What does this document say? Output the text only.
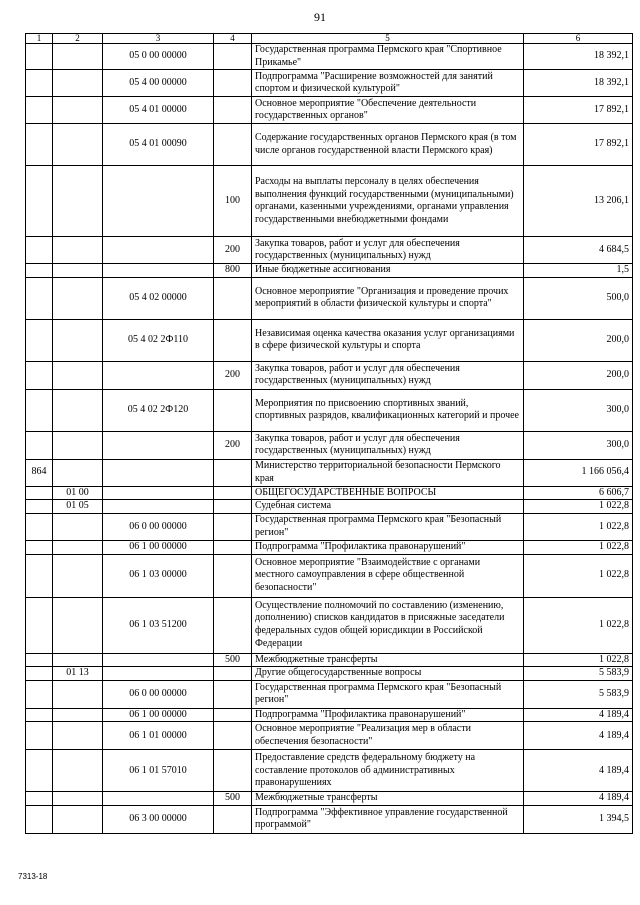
91
1	2	3	4	5	6
		05 0 00 00000		Государственная программа Пермского края "Спортивное Прикамье"	18 392,1
		05 4 00 00000		Подпрограмма "Расширение возможностей для занятий спортом и физической культурой"	18 392,1
		05 4 01 00000		Основное мероприятие "Обеспечение деятельности государственных органов"	17 892,1
		05 4 01 00090		Содержание государственных органов Пермского края (в том числе органов государственной власти Пермского края)	17 892,1
			100	Расходы на выплаты персоналу в целях обеспечения выполнения функций государственными (муниципальными) органами, казенными учреждениями, органами управления государственными внебюджетными фондами	13 206,1
			200	Закупка товаров, работ и услуг для обеспечения государственных (муниципальных) нужд	4 684,5
			800	Иные бюджетные ассигнования	1,5
		05 4 02 00000		Основное мероприятие "Организация и проведение прочих мероприятий в области физической культуры и спорта"	500,0
		05 4 02 2Ф110		Независимая оценка качества оказания услуг организациями в сфере физической культуры и спорта	200,0
			200	Закупка товаров, работ и услуг для обеспечения государственных (муниципальных) нужд	200,0
		05 4 02 2Ф120		Мероприятия по присвоению спортивных званий, спортивных разрядов, квалификационных категорий и прочее	300,0
			200	Закупка товаров, работ и услуг для обеспечения государственных (муниципальных) нужд	300,0
864				Министерство территориальной безопасности Пермского края	1 166 056,4
	01 00			ОБЩЕГОСУДАРСТВЕННЫЕ ВОПРОСЫ	6 606,7
	01 05			Судебная система	1 022,8
		06 0 00 00000		Государственная программа Пермского края "Безопасный регион"	1 022,8
		06 1 00 00000		Подпрограмма "Профилактика правонарушений"	1 022,8
		06 1 03 00000		Основное мероприятие "Взаимодействие с органами местного самоуправления в сфере общественной безопасности"	1 022,8
		06 1 03 51200		Осуществление полномочий по составлению (изменению, дополнению) списков кандидатов в присяжные заседатели федеральных судов общей юрисдикции в Российской Федерации	1 022,8
			500	Межбюджетные трансферты	1 022,8
	01 13			Другие общегосударственные вопросы	5 583,9
		06 0 00 00000		Государственная программа Пермского края "Безопасный регион"	5 583,9
		06 1 00 00000		Подпрограмма "Профилактика правонарушений"	4 189,4
		06 1 01 00000		Основное мероприятие "Реализация мер в области обеспечения безопасности"	4 189,4
		06 1 01 57010		Предоставление средств федеральному бюджету на составление протоколов об административных правонарушениях	4 189,4
			500	Межбюджетные трансферты	4 189,4
		06 3 00 00000		Подпрограмма "Эффективное управление государственной программой"	1 394,5
7313-18
